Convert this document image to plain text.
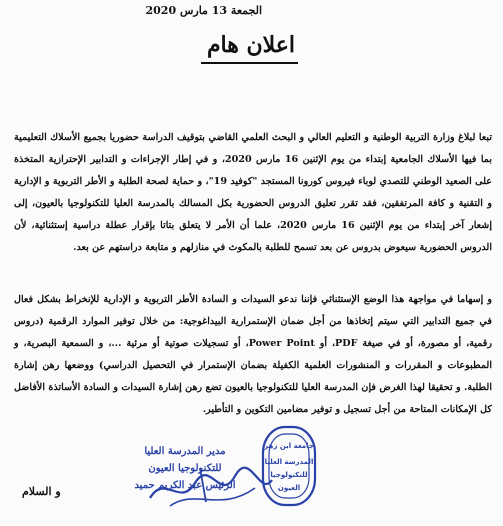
الجمعة 13 مارس 2020
اعلان هام
تبعا لبلاغ وزارة التربية الوطنية و التعليم العالي و البحث العلمي القاضي بتوقيف الدراسة حضوريا بجميع الأسلاك التعليمية بما فيها الأسلاك الجامعية إبتداء من يوم الإثنين 16 مارس 2020، و في إطار الإجراءات و التدابير الإحترازية المتخذة على الصعيد الوطني للتصدي لوباء فيروس كورونا المستجد "كوفيد 19"، و حماية لصحة الطلبة و الأطر التربوية و الإدارية و التقنية و كافة المرتفقين، فقد تقرر تعليق الدروس الحضورية بكل المسالك بالمدرسة العليا للتكنولوجيا بالعيون، إلى إشعار آخر إبتداء من يوم الإثنين 16 مارس 2020، علما أن الأمر لا يتعلق بتاتا بإقرار عطلة دراسية إستثنائية، لأن الدروس الحضورية سيعوض بدروس عن بعد تسمح للطلبة بالمكوث في منازلهم و متابعة دراستهم عن بعد.
و إسهاما في مواجهة هذا الوضع الإستثنائي فإننا ندعو السيدات و السادة الأطر التربوية و الإدارية للإنخراط بشكل فعال في جميع التدابير التي سيتم إتخاذها من أجل ضمان الإستمرارية البيداغوجية: من خلال توفير الموارد الرقمية (دروس رقمية، أو مصورة، أو في صيغة PDF، أو Power Point، أو تسجيلات صوتية أو مرئية ...، و السمعية البصرية، و المطبوعات و المقررات و المنشورات العلمية الكفيلة بضمان الإستمرار في التحصيل الدراسي) ووضعها رهن إشارة الطلبة. و تحقيقا لهذا الغرض فإن المدرسة العليا للتكنولوجيا بالعيون تضع رهن إشارة السيدات و السادة الأساتذة الأفاضل كل الإمكانات المتاحة من أجل تسجيل و توفير مضامين التكوين و التأطير.
و السلام
مدير المدرسة العليا
للتكنولوجيا العيون
الرئيس عبد الكريم حميد
جامعة ابن زهر
المدرسة العليا
للتكنولوجيا
العيون
